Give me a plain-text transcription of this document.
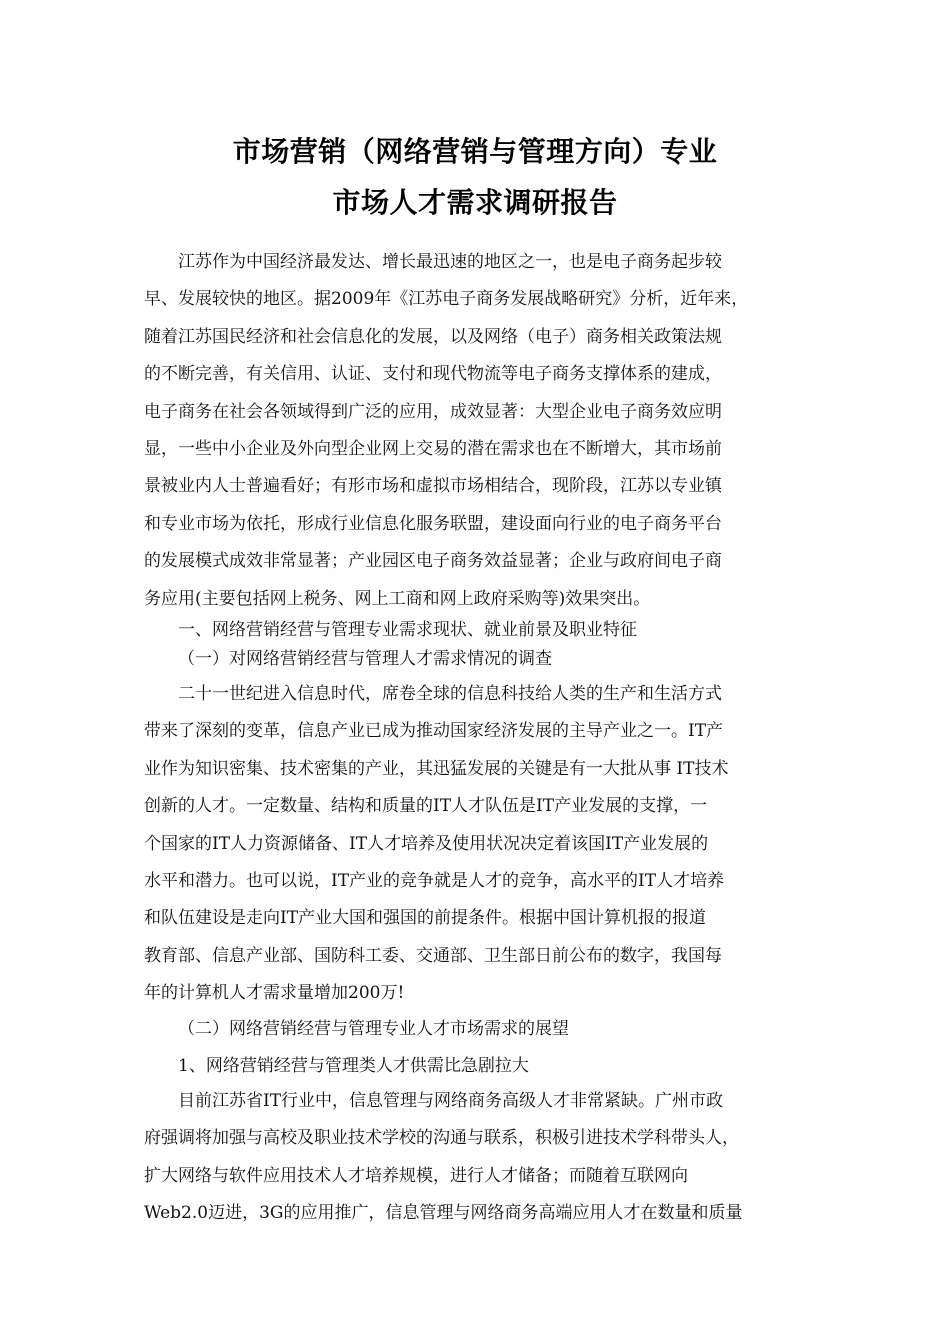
市场营销（网络营销与管理方向）专业
市场人才需求调研报告
江苏作为中国经济最发达、增长最迅速的地区之一，也是电子商务起步较
早、发展较快的地区。据2009年《江苏电子商务发展战略研究》分析，近年来，
随着江苏国民经济和社会信息化的发展，以及网络（电子）商务相关政策法规
的不断完善，有关信用、认证、支付和现代物流等电子商务支撑体系的建成，
电子商务在社会各领域得到广泛的应用，成效显著：大型企业电子商务效应明
显，一些中小企业及外向型企业网上交易的潜在需求也在不断增大，其市场前
景被业内人士普遍看好；有形市场和虚拟市场相结合，现阶段，江苏以专业镇
和专业市场为依托，形成行业信息化服务联盟，建设面向行业的电子商务平台
的发展模式成效非常显著；产业园区电子商务效益显著；企业与政府间电子商
务应用(主要包括网上税务、网上工商和网上政府采购等)效果突出。
一、网络营销经营与管理专业需求现状、就业前景及职业特征
（一）对网络营销经营与管理人才需求情况的调查
二十一世纪进入信息时代，席卷全球的信息科技给人类的生产和生活方式
带来了深刻的变革，信息产业已成为推动国家经济发展的主导产业之一。IT产
业作为知识密集、技术密集的产业，其迅猛发展的关键是有一大批从事 IT技术
创新的人才。一定数量、结构和质量的IT人才队伍是IT产业发展的支撑，一
个国家的IT人力资源储备、IT人才培养及使用状况决定着该国IT产业发展的
水平和潜力。也可以说，IT产业的竞争就是人才的竞争，高水平的IT人才培养
和队伍建设是走向IT产业大国和强国的前提条件。根据中国计算机报的报道
教育部、信息产业部、国防科工委、交通部、卫生部日前公布的数字，我国每
年的计算机人才需求量增加200万!
（二）网络营销经营与管理专业人才市场需求的展望
1、网络营销经营与管理类人才供需比急剧拉大
目前江苏省IT行业中，信息管理与网络商务高级人才非常紧缺。广州市政
府强调将加强与高校及职业技术学校的沟通与联系，积极引进技术学科带头人，
扩大网络与软件应用技术人才培养规模，进行人才储备；而随着互联网向
Web2.0迈进，3G的应用推广，信息管理与网络商务高端应用人才在数量和质量
